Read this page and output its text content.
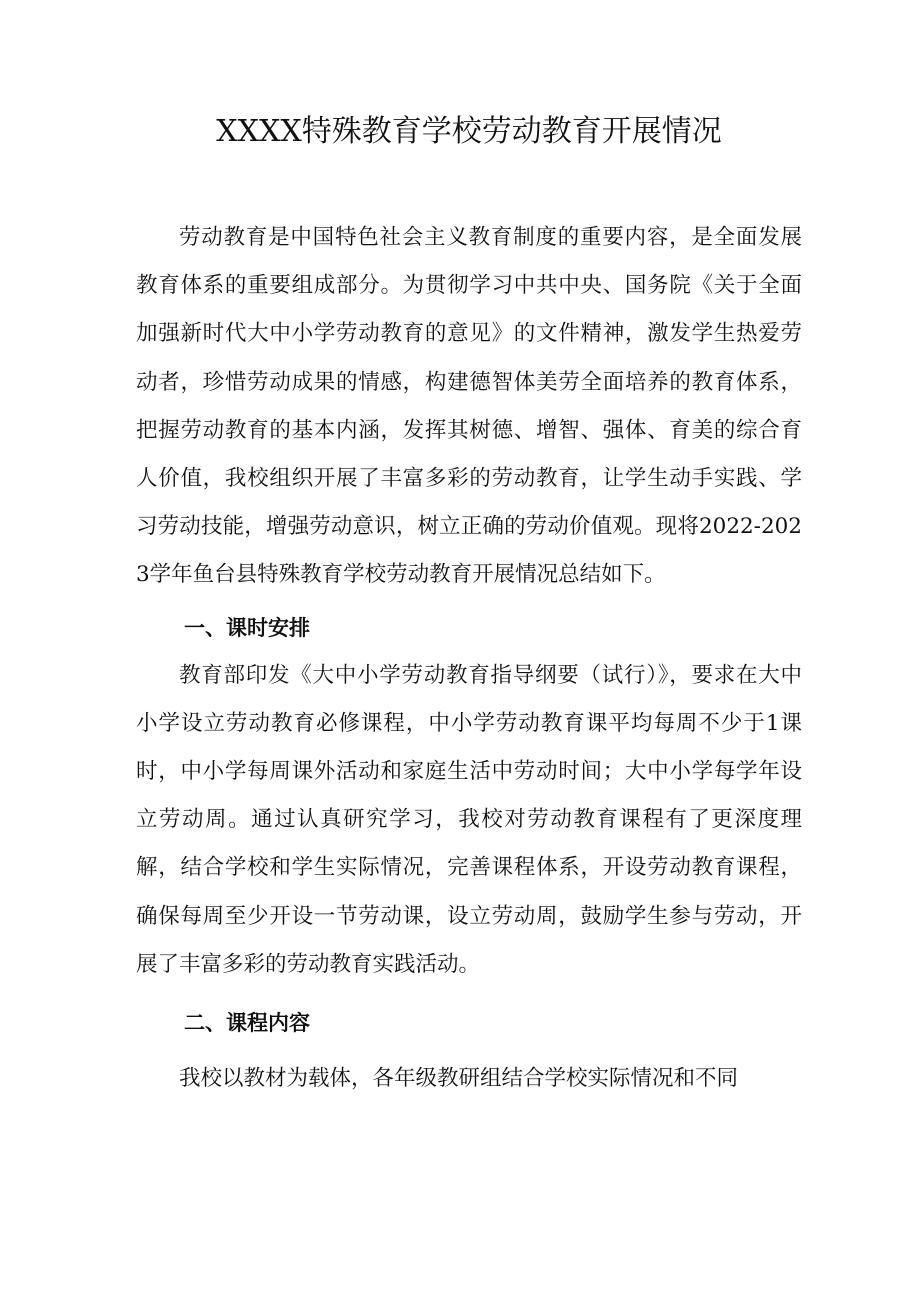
XXXX特殊教育学校劳动教育开展情况

劳动教育是中国特色社会主义教育制度的重要内容，是全面发展教育体系的重要组成部分。为贯彻学习中共中央、国务院《关于全面加强新时代大中小学劳动教育的意见》的文件精神，激发学生热爱劳动者，珍惜劳动成果的情感，构建德智体美劳全面培养的教育体系，把握劳动教育的基本内涵，发挥其树德、增智、强体、育美的综合育人价值，我校组织开展了丰富多彩的劳动教育，让学生动手实践、学习劳动技能，增强劳动意识，树立正确的劳动价值观。现将2022-2023学年鱼台县特殊教育学校劳动教育开展情况总结如下。

一、课时安排

教育部印发《大中小学劳动教育指导纲要（试行）》，要求在大中小学设立劳动教育必修课程，中小学劳动教育课平均每周不少于1课时，中小学每周课外活动和家庭生活中劳动时间；大中小学每学年设立劳动周。通过认真研究学习，我校对劳动教育课程有了更深度理解，结合学校和学生实际情况，完善课程体系，开设劳动教育课程，确保每周至少开设一节劳动课，设立劳动周，鼓励学生参与劳动，开展了丰富多彩的劳动教育实践活动。

二、课程内容

我校以教材为载体，各年级教研组结合学校实际情况和不同
